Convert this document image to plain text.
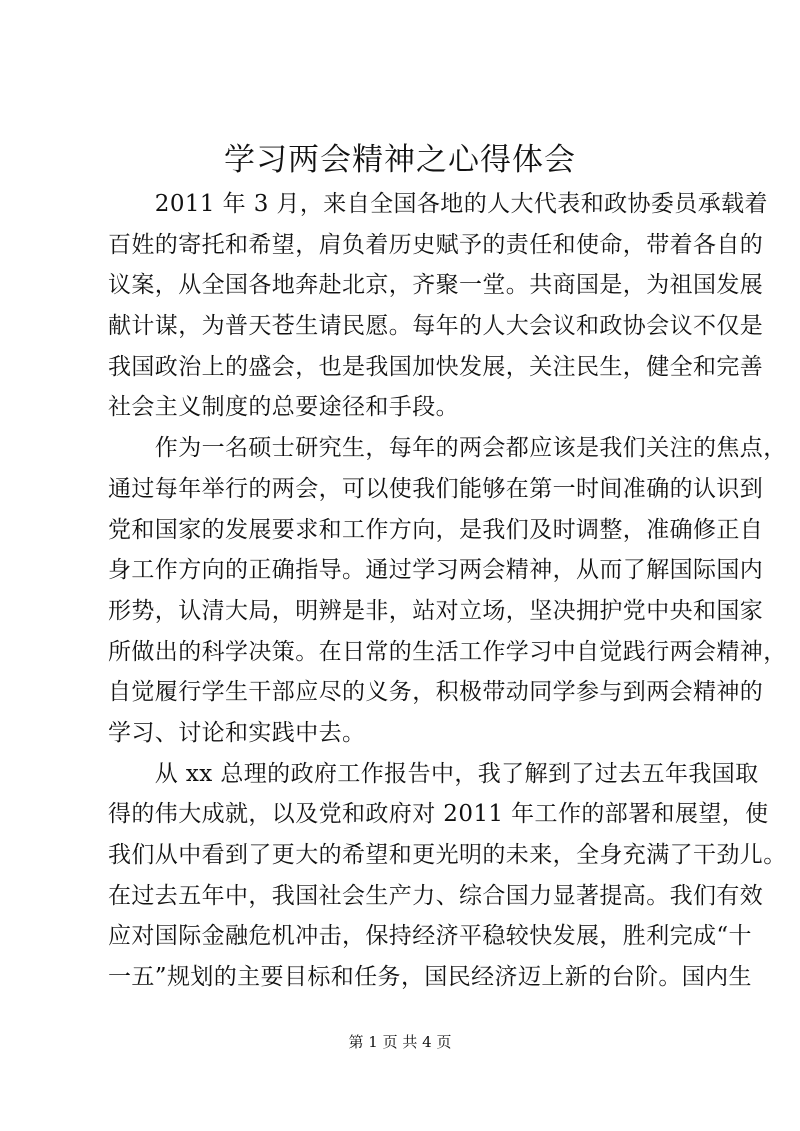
学习两会精神之心得体会
　　2011 年 3 月，来自全国各地的人大代表和政协委员承载着
百姓的寄托和希望，肩负着历史赋予的责任和使命，带着各自的
议案，从全国各地奔赴北京，齐聚一堂。共商国是，为祖国发展
献计谋，为普天苍生请民愿。每年的人大会议和政协会议不仅是
我国政治上的盛会，也是我国加快发展，关注民生，健全和完善
社会主义制度的总要途径和手段。
　　作为一名硕士研究生，每年的两会都应该是我们关注的焦点，
通过每年举行的两会，可以使我们能够在第一时间准确的认识到
党和国家的发展要求和工作方向，是我们及时调整，准确修正自
身工作方向的正确指导。通过学习两会精神，从而了解国际国内
形势，认清大局，明辨是非，站对立场，坚决拥护党中央和国家
所做出的科学决策。在日常的生活工作学习中自觉践行两会精神，
自觉履行学生干部应尽的义务，积极带动同学参与到两会精神的
学习、讨论和实践中去。
　　从 xx 总理的政府工作报告中，我了解到了过去五年我国取
得的伟大成就，以及党和政府对 2011 年工作的部署和展望，使
我们从中看到了更大的希望和更光明的未来，全身充满了干劲儿。
在过去五年中，我国社会生产力、综合国力显著提高。我们有效
应对国际金融危机冲击，保持经济平稳较快发展，胜利完成“十
一五”规划的主要目标和任务，国民经济迈上新的台阶。国内生
第 1 页 共 4 页
